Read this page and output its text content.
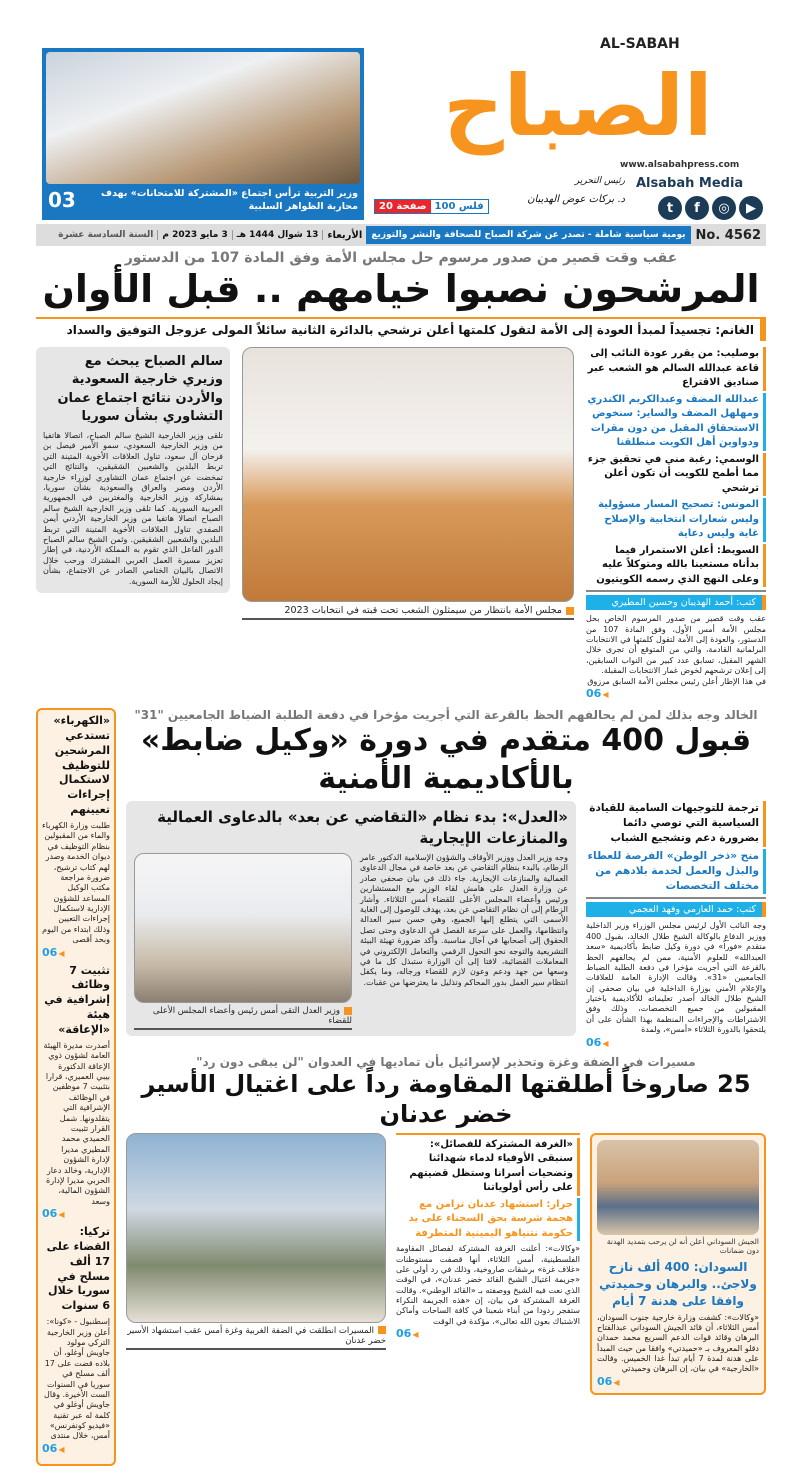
وزير التربية ترأس اجتماع «المشتركة للامتحانات» بهدف محاربة الظواهر السلبية
03
AL-SABAH
الصباح
www.alsabahpress.com
Alsabah Media
▶
◎
f
t
رئيس التحرير
د. بركات عوض الهديبان
20 صفحة 100 فلس
No. 4562
يومية سياسية شاملة - تصدر عن شركة الصباح للصحافة والنشر والتوزيع
الأربعاء
13 شوال 1444 هـ
3 مايو 2023 م
السنة السادسة عشرة
عقب وقت قصير من صدور مرسوم حل مجلس الأمة وفق المادة 107 من الدستور
المرشحون نصبوا خيامهم .. قبل الأوان
الغانم: تجسيداً لمبدأ العودة إلى الأمة لتقول كلمتها أعلن ترشحي بالدائرة الثانية سائلاً المولى عزوجل التوفيق والسداد
بوصليب: من يقرر عودة النائب إلى قاعة عبدالله السالم هو الشعب عبر صناديق الاقتراع
عبدالله المضف وعبدالكريم الكندري ومهلهل المضف والساير: سنخوض الاستحقاق المقبل من دون مقرات ودواوين أهل الكويت منطلقنا
الوسمي: رغبة مني في تحقيق جزء مما أطمح للكويت أن تكون أعلن ترشحي
المونس: تصحيح المسار مسؤولية وليس شعارات انتخابية والإصلاح غاية وليس دعاية
السويط: أعلن الاستمرار فيما بدأناه مستعينا بالله ومتوكلاً عليه وعلى النهج الذي رسمه الكويتيون
كتب: أحمد الهديبان وحسين المطيري
عقب وقت قصير من صدور المرسوم الخاص بحل مجلس الأمة أمس الأول، وفق المادة 107 من الدستور، والعودة إلى الأمة لتقول كلمتها في الانتخابات البرلمانية القادمة، والتي من المتوقع أن تجرى خلال الشهر المقبل، تسابق عدد كبير من النواب السابقين، إلى إعلان ترشحهم لخوض غمار الانتخابات المقبلة.
في هذا الإطار أعلن رئيس مجلس الأمة السابق مرزوق
06 ◀
مجلس الأمة بانتظار من سيمثلون الشعب تحت قبته في انتخابات 2023
سالم الصباح يبحث مع وزيري خارجية السعودية والأردن نتائج اجتماع عمان التشاوري بشأن سوريا
تلقى وزير الخارجية الشيخ سالم الصباح، اتصالا هاتفيا من وزير الخارجية السعودي، سمو الأمير فيصل بن فرحان آل سعود، تناول العلاقات الأخوية المتينة التي تربط البلدين والشعبين الشقيقين، والنتائج التي تمخضت عن اجتماع عمان التشاوري لوزراء خارجية الأردن ومصر والعراق والسعودية بشأن سوريا، بمشاركة وزير الخارجية والمغتربين في الجمهورية العربية السورية. كما تلقى وزير الخارجية الشيخ سالم الصباح اتصالا هاتفيا من وزير الخارجية الأردني أيمن الصفدي تناول العلاقات الأخوية المتينة التي تربط البلدين والشعبين الشقيقين. وثمن الشيخ سالم الصباح الدور الفاعل الذي تقوم به المملكة الأردنية، في إطار تعزيز مسيرة العمل العربي المشترك ورحب خلال الاتصال بالبيان الختامي الصادر عن الاجتماع، بشأن إيجاد الحلول للأزمة السورية.
الخالد وجه بذلك لمن لم يحالفهم الحظ بالقرعة التي أجريت مؤخرا في دفعة الطلبة الضباط الجامعيين "31"
قبول 400 متقدم في دورة «وكيل ضابط» بالأكاديمية الأمنية
ترجمة للتوجيهات السامية للقيادة السياسية التي توصي دائما بضرورة دعم وتشجيع الشباب
منح «ذخر الوطن» الفرصة للعطاء والبذل والعمل لخدمة بلادهم من مختلف التخصصات
كتب: حمد العازمي وفهد العجمي
وجه النائب الأول لرئيس مجلس الوزراء وزير الداخلية ووزير الدفاع بالوكالة الشيخ طلال الخالد، بقبول 400 متقدم «فوراً» في دورة وكيل ضابط بأكاديمية «سعد العبدالله» للعلوم الأمنية، ممن لم يحالفهم الحظ بالقرعة التي أجريت مؤخرا في دفعة الطلبة الضباط الجامعيين «31». وقالت الإدارة العامة للعلاقات والإعلام الأمني بوزارة الداخلية في بيان صحفي إن الشيخ طلال الخالد أصدر تعليماته للأكاديمية باختيار المقبولين من جميع التخصصات، وذلك وفق الاشتراطات والإجراءات المنظمة بهذا الشأن على أن يلتحقوا بالدورة الثلاثاء «أمس»، ولمدة
06 ◀
«العدل»: بدء نظام «التقاضي عن بعد» بالدعاوى العمالية والمنازعات الإيجارية
وجه وزير العدل ووزير الأوقاف والشؤون الإسلامية الدكتور عامر الزطام، بالبدء بنظام التقاضي عن بعد خاصة في مجال الدعاوى العمالية والمنازعات الإيجارية. جاء ذلك في بيان صحفي صادر عن وزارة العدل على هامش لقاء الوزير مع المستشارين ورئيس وأعضاء المجلس الأعلى للقضاء أمس الثلاثاء. وأشار الزطام إلى أن نظام التقاضي عن بعد، يهدف للوصول إلى الغاية الأسمى التي يتطلع إليها الجميع، وهي حسن سير العدالة وانتظامها، والعمل على سرعة الفصل في الدعاوى وحتى تصل الحقوق إلى أصحابها في آجال مناسبة. وأكد ضرورة تهيئة البيئة التشريعية والتوجه نحو التحول الرقمي والتعامل الإلكتروني في المعاملات القضائية، لافتا إلى أن الوزارة ستبذل كل ما في وسعها من جهد ودعم وعون لازم للقضاء ورجاله، وما يكفل انتظام سير العمل بدور المحاكم وتذليل ما يعترضها من عقبات.
وزير العدل التقى أمس رئيس وأعضاء المجلس الأعلى للقضاء
مسيرات في الضفة وغزة وتحذير لإسرائيل بأن تماديها في العدوان "لن يبقى دون رد"
25 صاروخاً أطلقتها المقاومة رداً على اغتيال الأسير خضر عدنان
الجيش السوداني أعلن أنه لن يرحب بتمديد الهدنة دون ضمانات
السودان: 400 ألف نازح ولاجئ.. والبرهان وحميدتي وافقا على هدنة 7 أيام
«وكالات»: كشفت وزارة خارجية جنوب السودان، أمس الثلاثاء، أن قائد الجيش السوداني عبدالفتاح البرهان وقائد قوات الدعم السريع محمد حمدان دقلو المعروف بـ «حميدتي» وافقا من حيث المبدأ على هدنة لمدة 7 أيام تبدأ غدا الخميس. وقالت «الخارجية» في بيان، إن البرهان وحميدتي
06 ◀
«الغرفة المشتركة للفصائل»: سنبقى الأوفياء لدماء شهدائنا وتضحيات أسرانا وستظل قضيتهم على رأس أولوياتنا
جرار: استشهاد عدنان تزامن مع هجمة شرسة بحق السجناء على يد حكومة نتنياهو اليمينية المتطرفة
«وكالات»: أعلنت الغرفة المشتركة لفصائل المقاومة الفلسطينية، أمس الثلاثاء، أنها قصفت مستوطنات «غلاف غزة» برشقات صاروخية، وذلك في رد أولي على «جريمة اغتيال الشيخ القائد خضر عدنان»، في الوقت الذي نعت فيه الشيخ ووصفته بـ «القائد الوطني». وقالت الغرفة المشتركة في بيان، إن «هذه الجريمة النكراء ستفجر ردودا من أبناء شعبنا في كافة الساحات وأماكن الاشتباك بعون الله تعالى»، مؤكدة في الوقت
06 ◀
المسيرات انطلقت في الضفة الغربية وغزة أمس عقب استشهاد الأسير خضر عدنان
«الكهرباء» تستدعي المرشحين للتوظيف لاستكمال إجراءات تعيينهم
طلبت وزارة الكهرباء والماء من المقبولين بنظام التوظيف في ديوان الخدمة وصدر لهم كتاب ترشيح، ضرورة مراجعة مكتب الوكيل المساعد للشؤون الإدارية لاستكمال إجراءات التعيين وذلك ابتداء من اليوم وبحد أقصى
06 ◀
تثبيت 7 وظائف إشرافية في هيئة «الإعاقة»
أصدرت مديرة الهيئة العامة لشؤون ذوي الإعاقة الدكتورة بيبي العميري، قرارا بتثبيت 7 موظفين في الوظائف الإشرافية التي يتقلدونها. شمل القرار تثبيت الحميدي محمد المطيري مديرا لإدارة الشؤون الإدارية، وخالد دعار الحربي مديرا لإدارة الشؤون المالية، وسعد
06 ◀
تركيا: القضاء على 17 ألف مسلح في سوريا خلال 6 سنوات
إسطنبول - «كونا»: أعلن وزير الخارجية التركي مولود جاويش أوغلو، أن بلاده قضت على 17 ألف مسلح في سوريا في السنوات الست الأخيرة. وقال جاويش أوغلو في كلمة له عبر تقنية «فيديو كونفرنس» أمس، خلال منتدى
06 ◀
